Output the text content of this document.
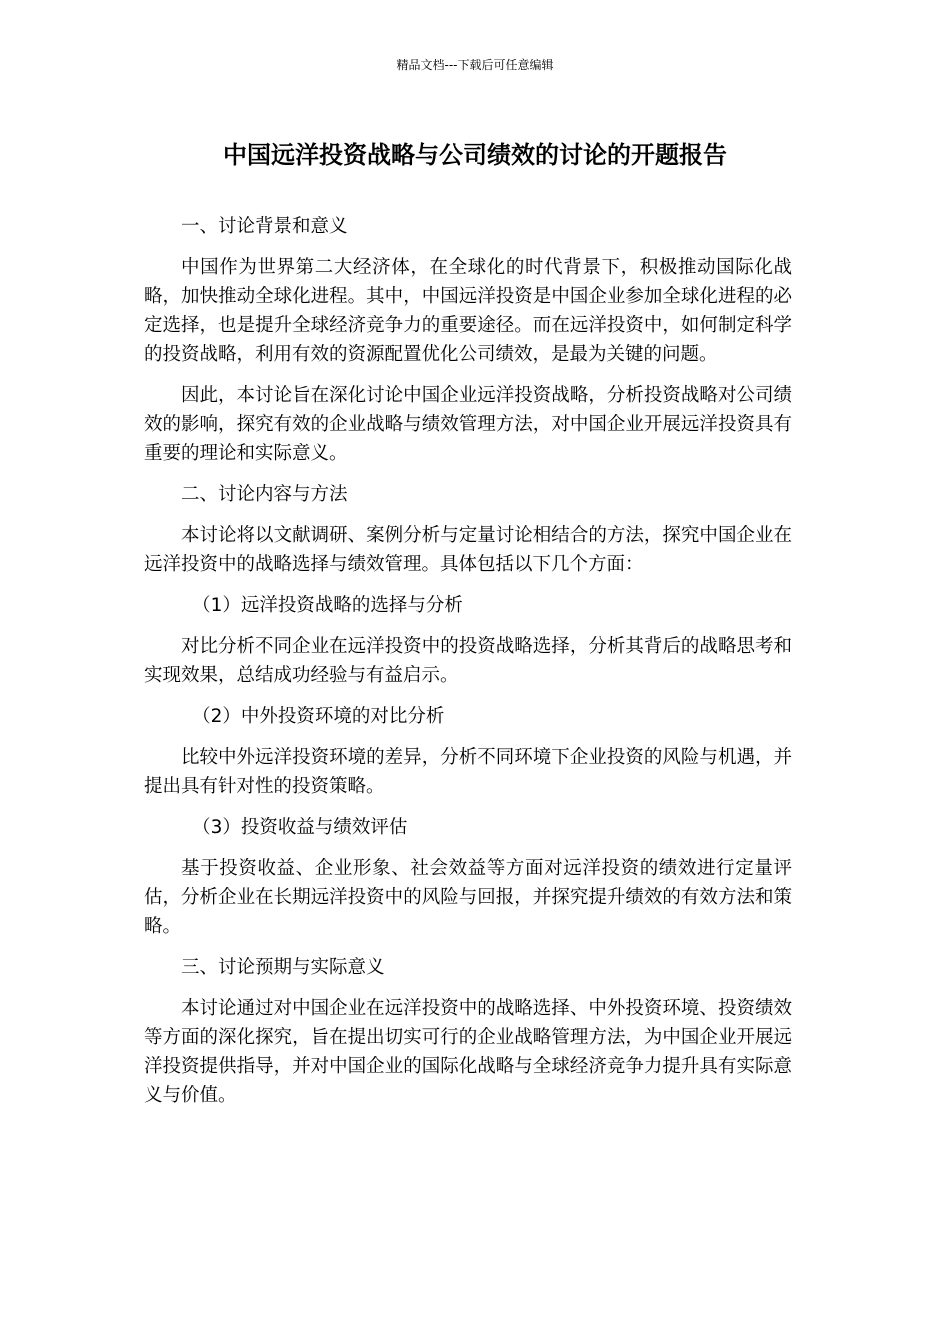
精品文档---下载后可任意编辑
中国远洋投资战略与公司绩效的讨论的开题报告

一、讨论背景和意义

中国作为世界第二大经济体，在全球化的时代背景下，积极推动国际化战略，加快推动全球化进程。其中，中国远洋投资是中国企业参加全球化进程的必定选择，也是提升全球经济竞争力的重要途径。而在远洋投资中，如何制定科学的投资战略，利用有效的资源配置优化公司绩效，是最为关键的问题。

因此，本讨论旨在深化讨论中国企业远洋投资战略，分析投资战略对公司绩效的影响，探究有效的企业战略与绩效管理方法，对中国企业开展远洋投资具有重要的理论和实际意义。

二、讨论内容与方法

本讨论将以文献调研、案例分析与定量讨论相结合的方法，探究中国企业在远洋投资中的战略选择与绩效管理。具体包括以下几个方面：

（1）远洋投资战略的选择与分析

对比分析不同企业在远洋投资中的投资战略选择，分析其背后的战略思考和实现效果，总结成功经验与有益启示。

（2）中外投资环境的对比分析

比较中外远洋投资环境的差异，分析不同环境下企业投资的风险与机遇，并提出具有针对性的投资策略。

（3）投资收益与绩效评估

基于投资收益、企业形象、社会效益等方面对远洋投资的绩效进行定量评估，分析企业在长期远洋投资中的风险与回报，并探究提升绩效的有效方法和策略。

三、讨论预期与实际意义

本讨论通过对中国企业在远洋投资中的战略选择、中外投资环境、投资绩效等方面的深化探究，旨在提出切实可行的企业战略管理方法，为中国企业开展远洋投资提供指导，并对中国企业的国际化战略与全球经济竞争力提升具有实际意义与价值。
